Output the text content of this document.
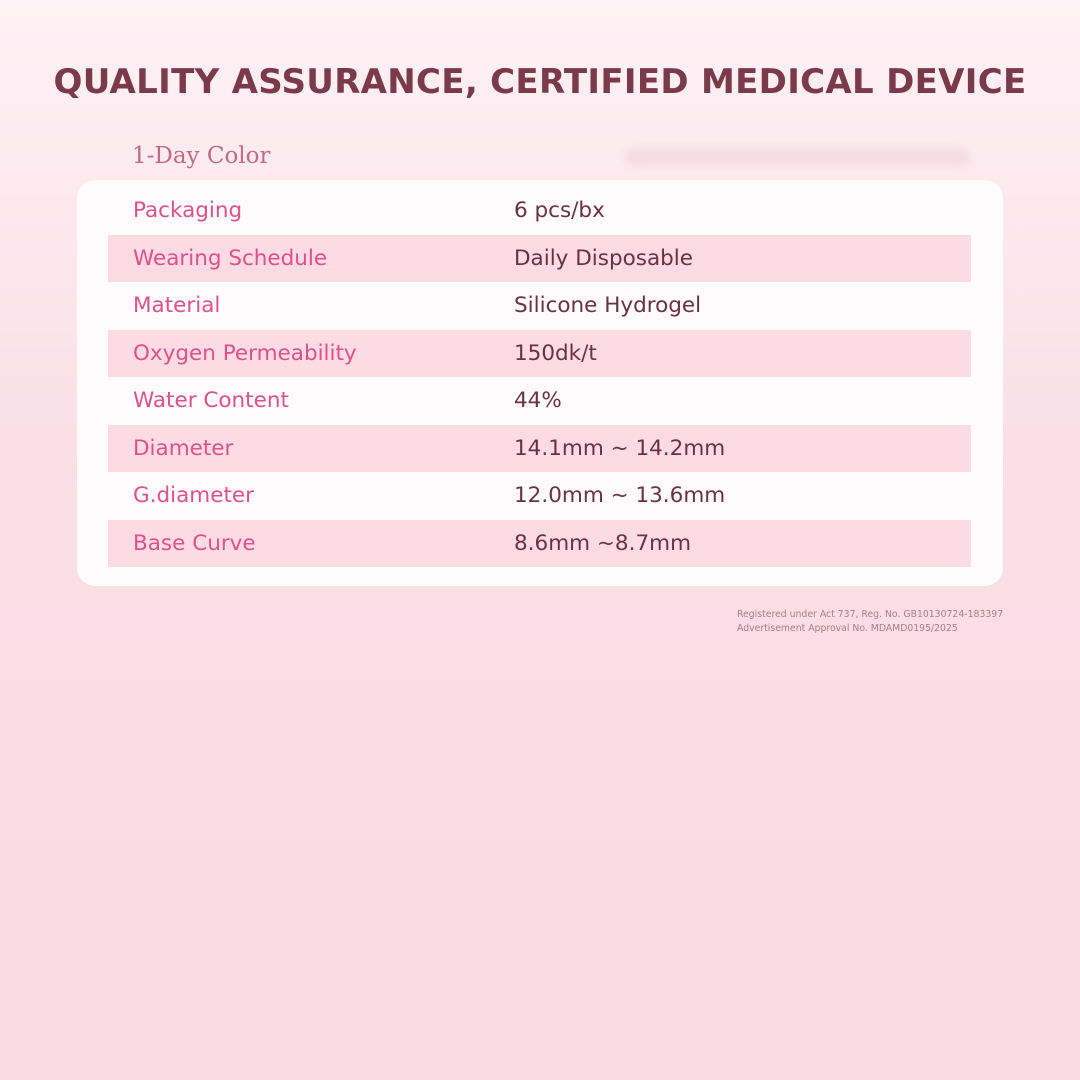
QUALITY ASSURANCE, CERTIFIED MEDICAL DEVICE
1-Day Color
Packaging	6 pcs/bx
Wearing Schedule	Daily Disposable
Material	Silicone Hydrogel
Oxygen Permeability	150dk/t
Water Content	44%
Diameter	14.1mm ~ 14.2mm
G.diameter	12.0mm ~ 13.6mm
Base Curve	8.6mm ~8.7mm
Registered under Act 737, Reg. No. GB10130724-183397
Advertisement Approval No. MDAMD0195/2025
